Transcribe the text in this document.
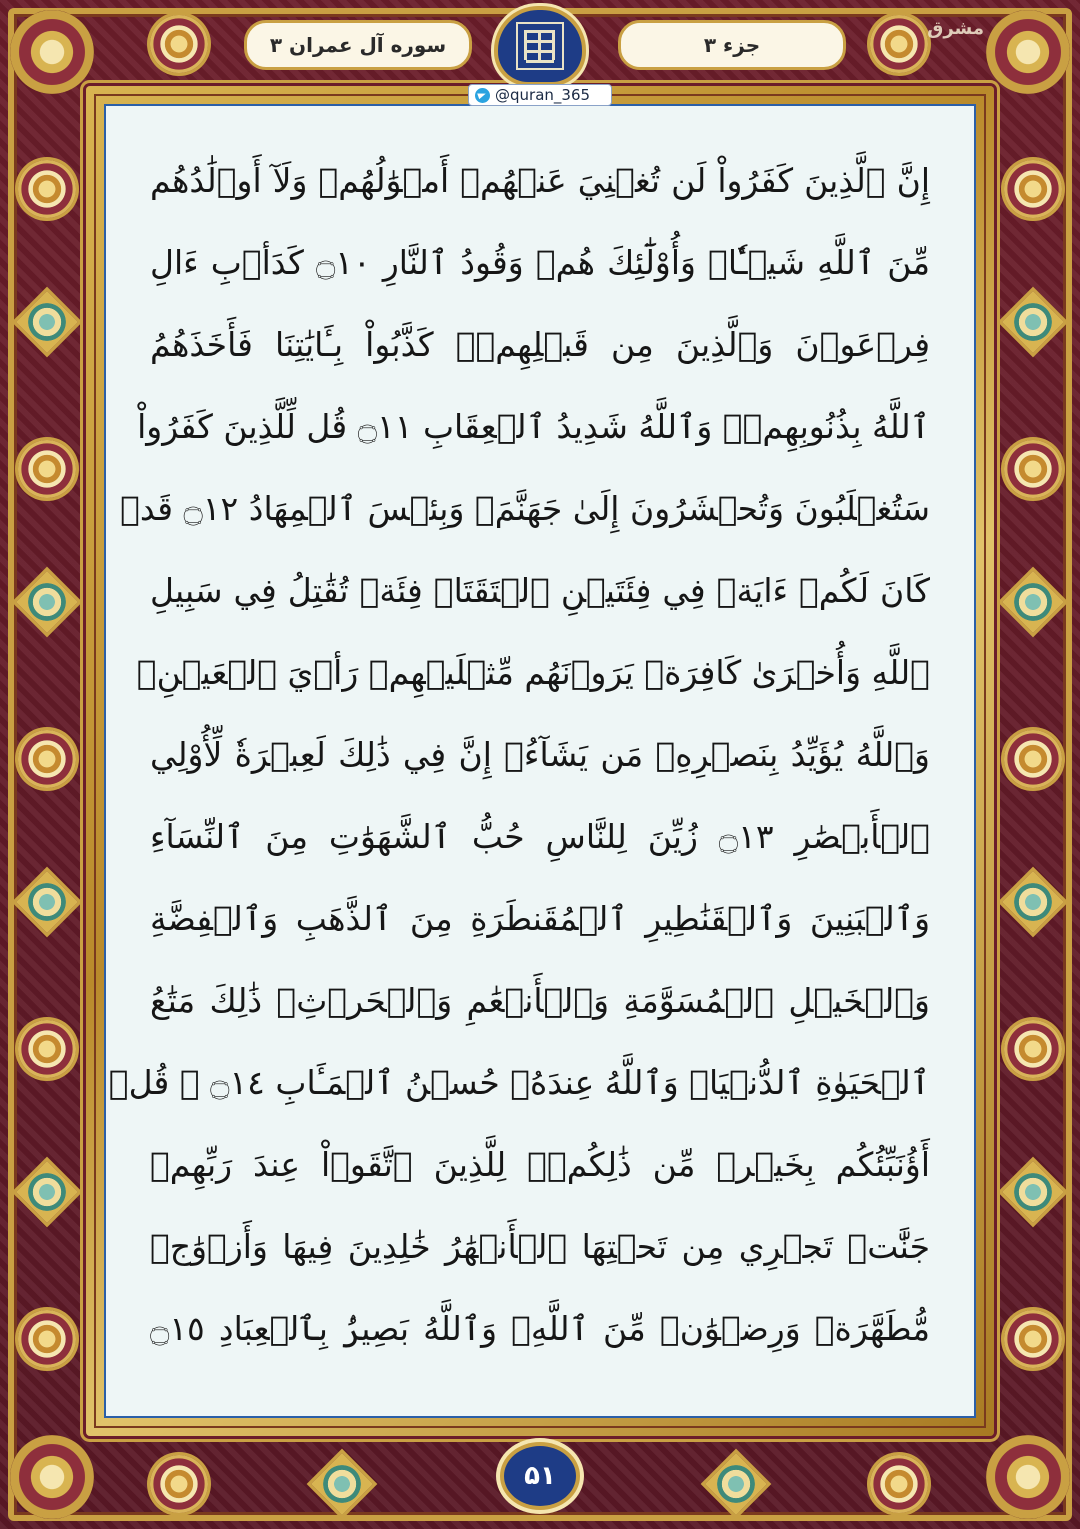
سوره آل عمران ۳	جزء ۳
مشرق
@quran_365
إِنَّ ٱلَّذِينَ كَفَرُواْ لَن تُغۡنِيَ عَنۡهُمۡ أَمۡوَٰلُهُمۡ وَلَآ أَوۡلَٰدُهُم
مِّنَ ٱللَّهِ شَيۡـٔٗاۖ وَأُوْلَٰٓئِكَ هُمۡ وَقُودُ ٱلنَّارِ ۝١٠ كَدَأۡبِ ءَالِ
فِرۡعَوۡنَ وَٱلَّذِينَ مِن قَبۡلِهِمۡۚ كَذَّبُواْ بِـَٔايَٰتِنَا فَأَخَذَهُمُ
ٱللَّهُ بِذُنُوبِهِمۡۗ وَٱللَّهُ شَدِيدُ ٱلۡعِقَابِ ۝١١ قُل لِّلَّذِينَ كَفَرُواْ
سَتُغۡلَبُونَ وَتُحۡشَرُونَ إِلَىٰ جَهَنَّمَۖ وَبِئۡسَ ٱلۡمِهَادُ ۝١٢ قَدۡ
كَانَ لَكُمۡ ءَايَةٞ فِي فِئَتَيۡنِ ٱلۡتَقَتَاۖ فِئَةٞ تُقَٰتِلُ فِي سَبِيلِ
ٱللَّهِ وَأُخۡرَىٰ كَافِرَةٞ يَرَوۡنَهُم مِّثۡلَيۡهِمۡ رَأۡيَ ٱلۡعَيۡنِۚ
وَٱللَّهُ يُؤَيِّدُ بِنَصۡرِهِۦ مَن يَشَآءُۚ إِنَّ فِي ذَٰلِكَ لَعِبۡرَةٗ لِّأُوْلِي
ٱلۡأَبۡصَٰرِ ۝١٣ زُيِّنَ لِلنَّاسِ حُبُّ ٱلشَّهَوَٰتِ مِنَ ٱلنِّسَآءِ
وَٱلۡبَنِينَ وَٱلۡقَنَٰطِيرِ ٱلۡمُقَنطَرَةِ مِنَ ٱلذَّهَبِ وَٱلۡفِضَّةِ
وَٱلۡخَيۡلِ ٱلۡمُسَوَّمَةِ وَٱلۡأَنۡعَٰمِ وَٱلۡحَرۡثِۗ ذَٰلِكَ مَتَٰعُ
ٱلۡحَيَوٰةِ ٱلدُّنۡيَاۖ وَٱللَّهُ عِندَهُۥ حُسۡنُ ٱلۡمَـَٔابِ ۝١٤ ۩ قُلۡ
أَؤُنَبِّئُكُم بِخَيۡرٖ مِّن ذَٰلِكُمۡۖ لِلَّذِينَ ٱتَّقَوۡاْ عِندَ رَبِّهِمۡ
جَنَّٰتٞ تَجۡرِي مِن تَحۡتِهَا ٱلۡأَنۡهَٰرُ خَٰلِدِينَ فِيهَا وَأَزۡوَٰجٞ
مُّطَهَّرَةٞ وَرِضۡوَٰنٞ مِّنَ ٱللَّهِۗ وَٱللَّهُ بَصِيرُۢ بِٱلۡعِبَادِ ۝١٥
۵۱
